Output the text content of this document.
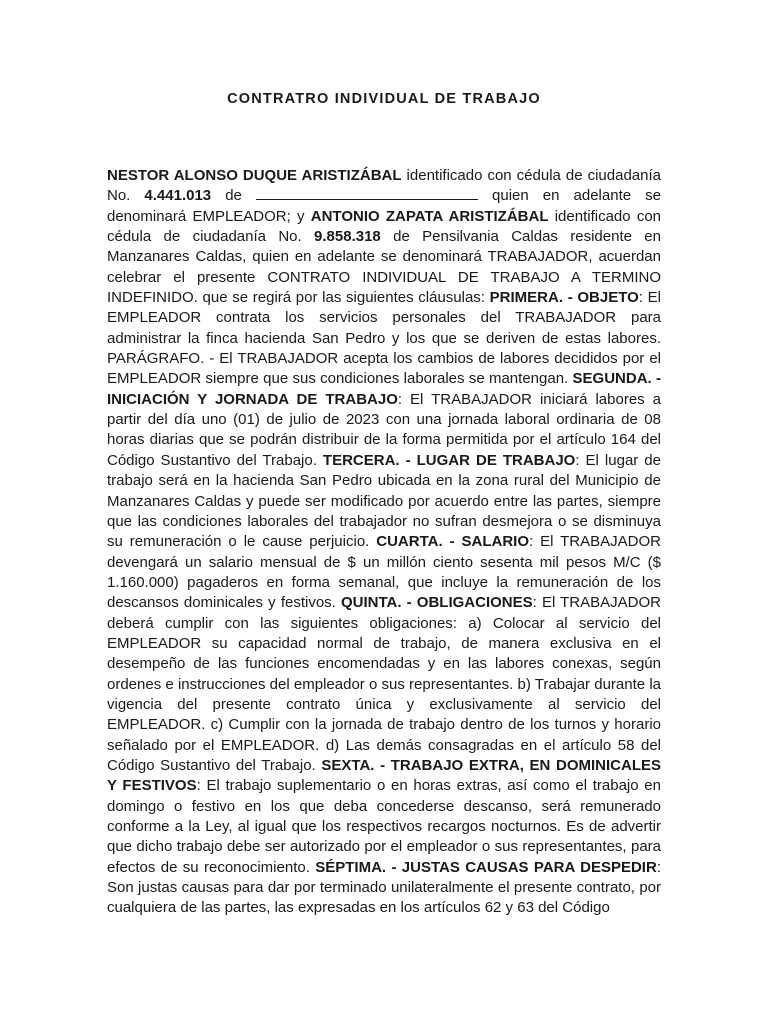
CONTRATRO INDIVIDUAL DE TRABAJO

NESTOR ALONSO DUQUE ARISTIZÁBAL identificado con cédula de ciudadanía No. 4.441.013 de	quien en adelante se denominará EMPLEADOR; y ANTONIO ZAPATA ARISTIZÁBAL identificado con cédula de ciudadanía No. 9.858.318 de Pensilvania Caldas residente en Manzanares Caldas, quien en adelante se denominará TRABAJADOR, acuerdan celebrar el presente CONTRATO INDIVIDUAL DE TRABAJO A TERMINO INDEFINIDO. que se regirá por las siguientes cláusulas: PRIMERA. - OBJETO: El EMPLEADOR contrata los servicios personales del TRABAJADOR para administrar la finca hacienda San Pedro y los que se deriven de estas labores. PARÁGRAFO. - El TRABAJADOR acepta los cambios de labores decididos por el EMPLEADOR siempre que sus condiciones laborales se mantengan. SEGUNDA. - INICIACIÓN Y JORNADA DE TRABAJO: El TRABAJADOR iniciará labores a partir del día uno (01) de julio de 2023 con una jornada laboral ordinaria de 08 horas diarias que se podrán distribuir de la forma permitida por el artículo 164 del Código Sustantivo del Trabajo. TERCERA. - LUGAR DE TRABAJO: El lugar de trabajo será en la hacienda San Pedro ubicada en la zona rural del Municipio de Manzanares Caldas y puede ser modificado por acuerdo entre las partes, siempre que las condiciones laborales del trabajador no sufran desmejora o se disminuya su remuneración o le cause perjuicio. CUARTA. - SALARIO: El TRABAJADOR devengará un salario mensual de $ un millón ciento sesenta mil pesos M/C ($ 1.160.000) pagaderos en forma semanal, que incluye la remuneración de los descansos dominicales y festivos. QUINTA. - OBLIGACIONES: El TRABAJADOR deberá cumplir con las siguientes obligaciones: a) Colocar al servicio del EMPLEADOR su capacidad normal de trabajo, de manera exclusiva en el desempeño de las funciones encomendadas y en las labores conexas, según ordenes e instrucciones del empleador o sus representantes. b) Trabajar durante la vigencia del presente contrato única y exclusivamente al servicio del EMPLEADOR. c) Cumplir con la jornada de trabajo dentro de los turnos y horario señalado por el EMPLEADOR. d) Las demás consagradas en el artículo 58 del Código Sustantivo del Trabajo. SEXTA. - TRABAJO EXTRA, EN DOMINICALES Y FESTIVOS: El trabajo suplementario o en horas extras, así como el trabajo en domingo o festivo en los que deba concederse descanso, será remunerado conforme a la Ley, al igual que los respectivos recargos nocturnos. Es de advertir que dicho trabajo debe ser autorizado por el empleador o sus representantes, para efectos de su reconocimiento. SÉPTIMA. - JUSTAS CAUSAS PARA DESPEDIR: Son justas causas para dar por terminado unilateralmente el presente contrato, por cualquiera de las partes, las expresadas en los artículos 62 y 63 del Código
